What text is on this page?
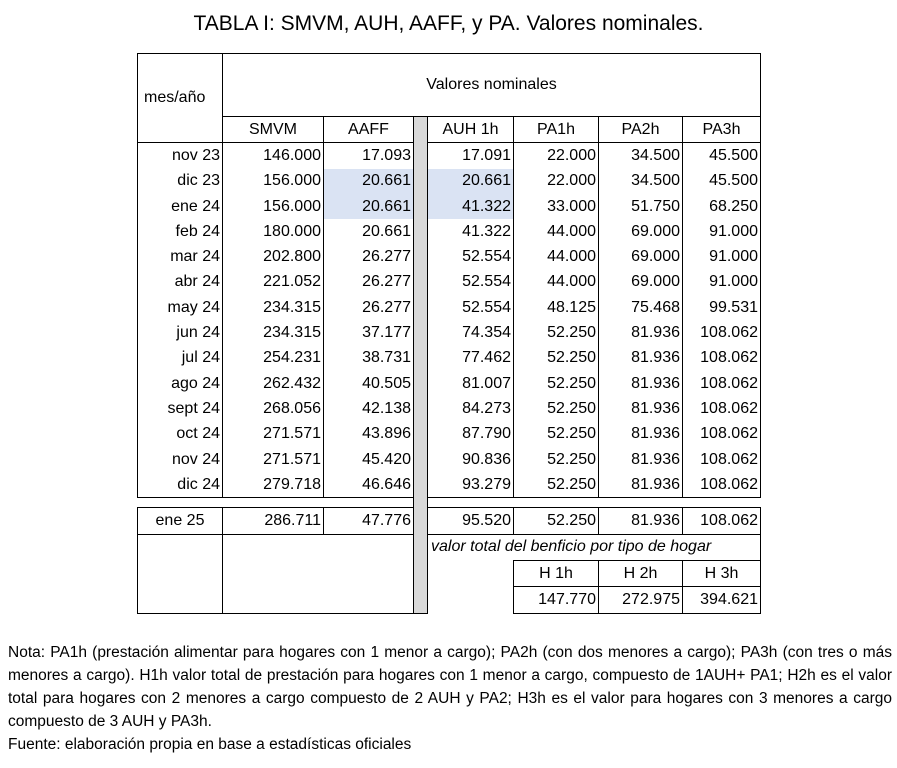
TABLA I: SMVM, AUH, AAFF, y PA. Valores nominales.
mes/año	Valores nominales						
	SMVM	AAFF		AUH 1h	PA1h	PA2h	PA3h
nov 23	146.000	17.093		17.091	22.000	34.500	45.500
dic 23	156.000	20.661		20.661	22.000	34.500	45.500
ene 24	156.000	20.661		41.322	33.000	51.750	68.250
feb 24	180.000	20.661		41.322	44.000	69.000	91.000
mar 24	202.800	26.277		52.554	44.000	69.000	91.000
abr 24	221.052	26.277		52.554	44.000	69.000	91.000
may 24	234.315	26.277		52.554	48.125	75.468	99.531
jun 24	234.315	37.177		74.354	52.250	81.936	108.062
jul 24	254.231	38.731		77.462	52.250	81.936	108.062
ago 24	262.432	40.505		81.007	52.250	81.936	108.062
sept 24	268.056	42.138		84.273	52.250	81.936	108.062
oct 24	271.571	43.896		87.790	52.250	81.936	108.062
nov 24	271.571	45.420		90.836	52.250	81.936	108.062
dic 24	279.718	46.646		93.279	52.250	81.936	108.062

ene 25	286.711	47.776		95.520	52.250	81.936	108.062
				valor total del benficio por tipo de hogar			
					H 1h	H 2h	H 3h
					147.770	272.975	394.621

Nota: PA1h (prestación alimentar para hogares con 1 menor a cargo); PA2h (con dos menores a cargo); PA3h (con tres o más menores a cargo). H1h valor total de prestación para hogares con 1 menor a cargo, compuesto de 1AUH+ PA1; H2h es el valor total para hogares con 2 menores a cargo compuesto de 2 AUH y PA2; H3h es el valor para hogares con 3 menores a cargo compuesto de 3 AUH y PA3h.

Fuente: elaboración propia en base a estadísticas oficiales
